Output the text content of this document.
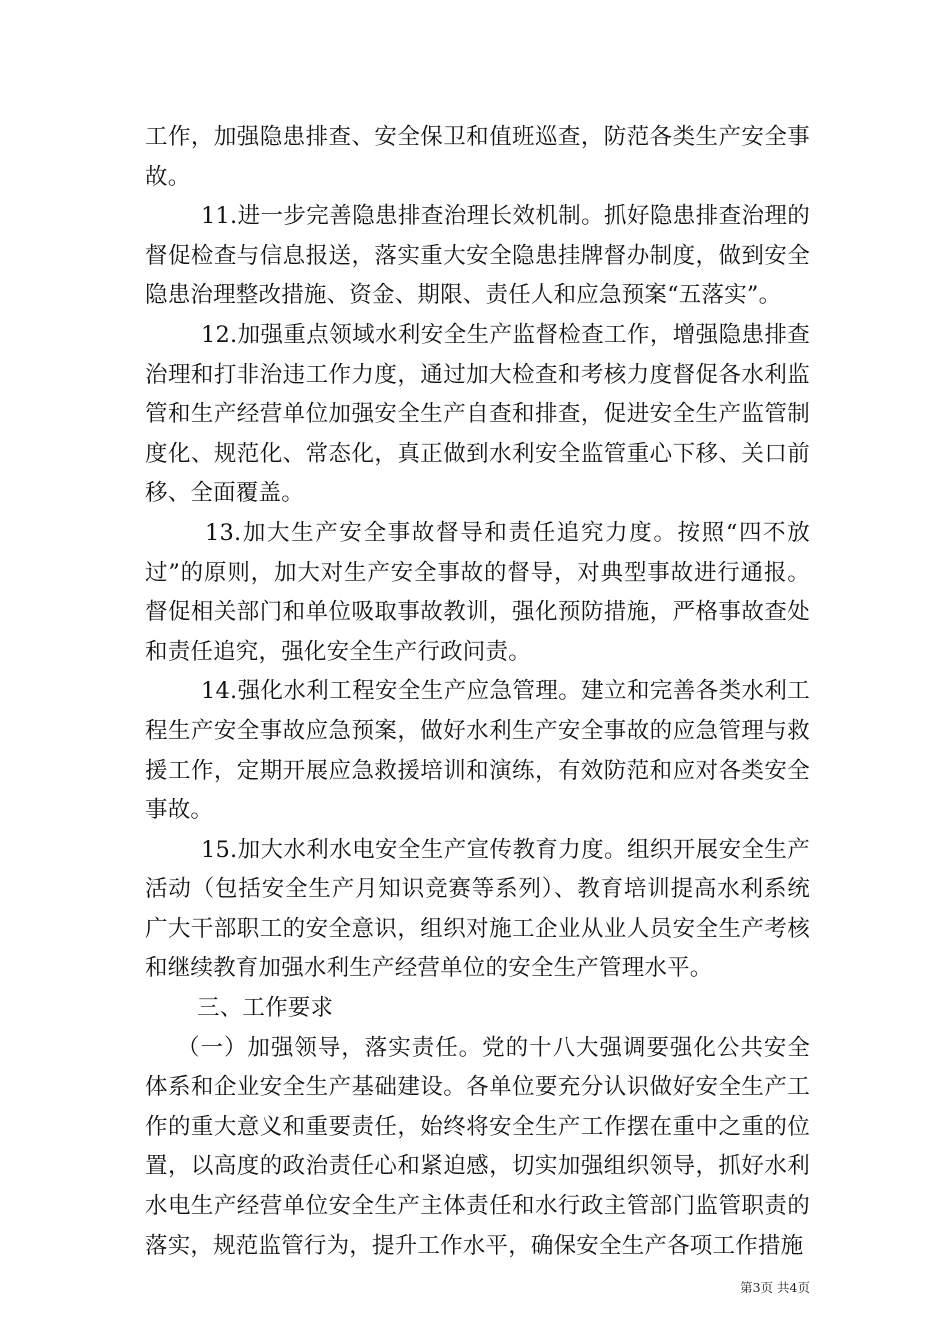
工作，加强隐患排查、安全保卫和值班巡查，防范各类生产安全事故。

11.进一步完善隐患排查治理长效机制。抓好隐患排查治理的督促检查与信息报送，落实重大安全隐患挂牌督办制度，做到安全隐患治理整改措施、资金、期限、责任人和应急预案“五落实”。

12.加强重点领域水利安全生产监督检查工作，增强隐患排查治理和打非治违工作力度，通过加大检查和考核力度督促各水利监管和生产经营单位加强安全生产自查和排查，促进安全生产监管制度化、规范化、常态化，真正做到水利安全监管重心下移、关口前移、全面覆盖。

13.加大生产安全事故督导和责任追究力度。按照“四不放过”的原则，加大对生产安全事故的督导，对典型事故进行通报。督促相关部门和单位吸取事故教训，强化预防措施，严格事故查处和责任追究，强化安全生产行政问责。

14.强化水利工程安全生产应急管理。建立和完善各类水利工程生产安全事故应急预案，做好水利生产安全事故的应急管理与救援工作，定期开展应急救援培训和演练，有效防范和应对各类安全事故。

15.加大水利水电安全生产宣传教育力度。组织开展安全生产活动（包括安全生产月知识竞赛等系列）、教育培训提高水利系统广大干部职工的安全意识，组织对施工企业从业人员安全生产考核和继续教育加强水利生产经营单位的安全生产管理水平。

三、工作要求

（一）加强领导，落实责任。党的十八大强调要强化公共安全体系和企业安全生产基础建设。各单位要充分认识做好安全生产工作的重大意义和重要责任，始终将安全生产工作摆在重中之重的位置，以高度的政治责任心和紧迫感，切实加强组织领导，抓好水利水电生产经营单位安全生产主体责任和水行政主管部门监管职责的落实，规范监管行为，提升工作水平，确保安全生产各项工作措施

第3页 共4页
